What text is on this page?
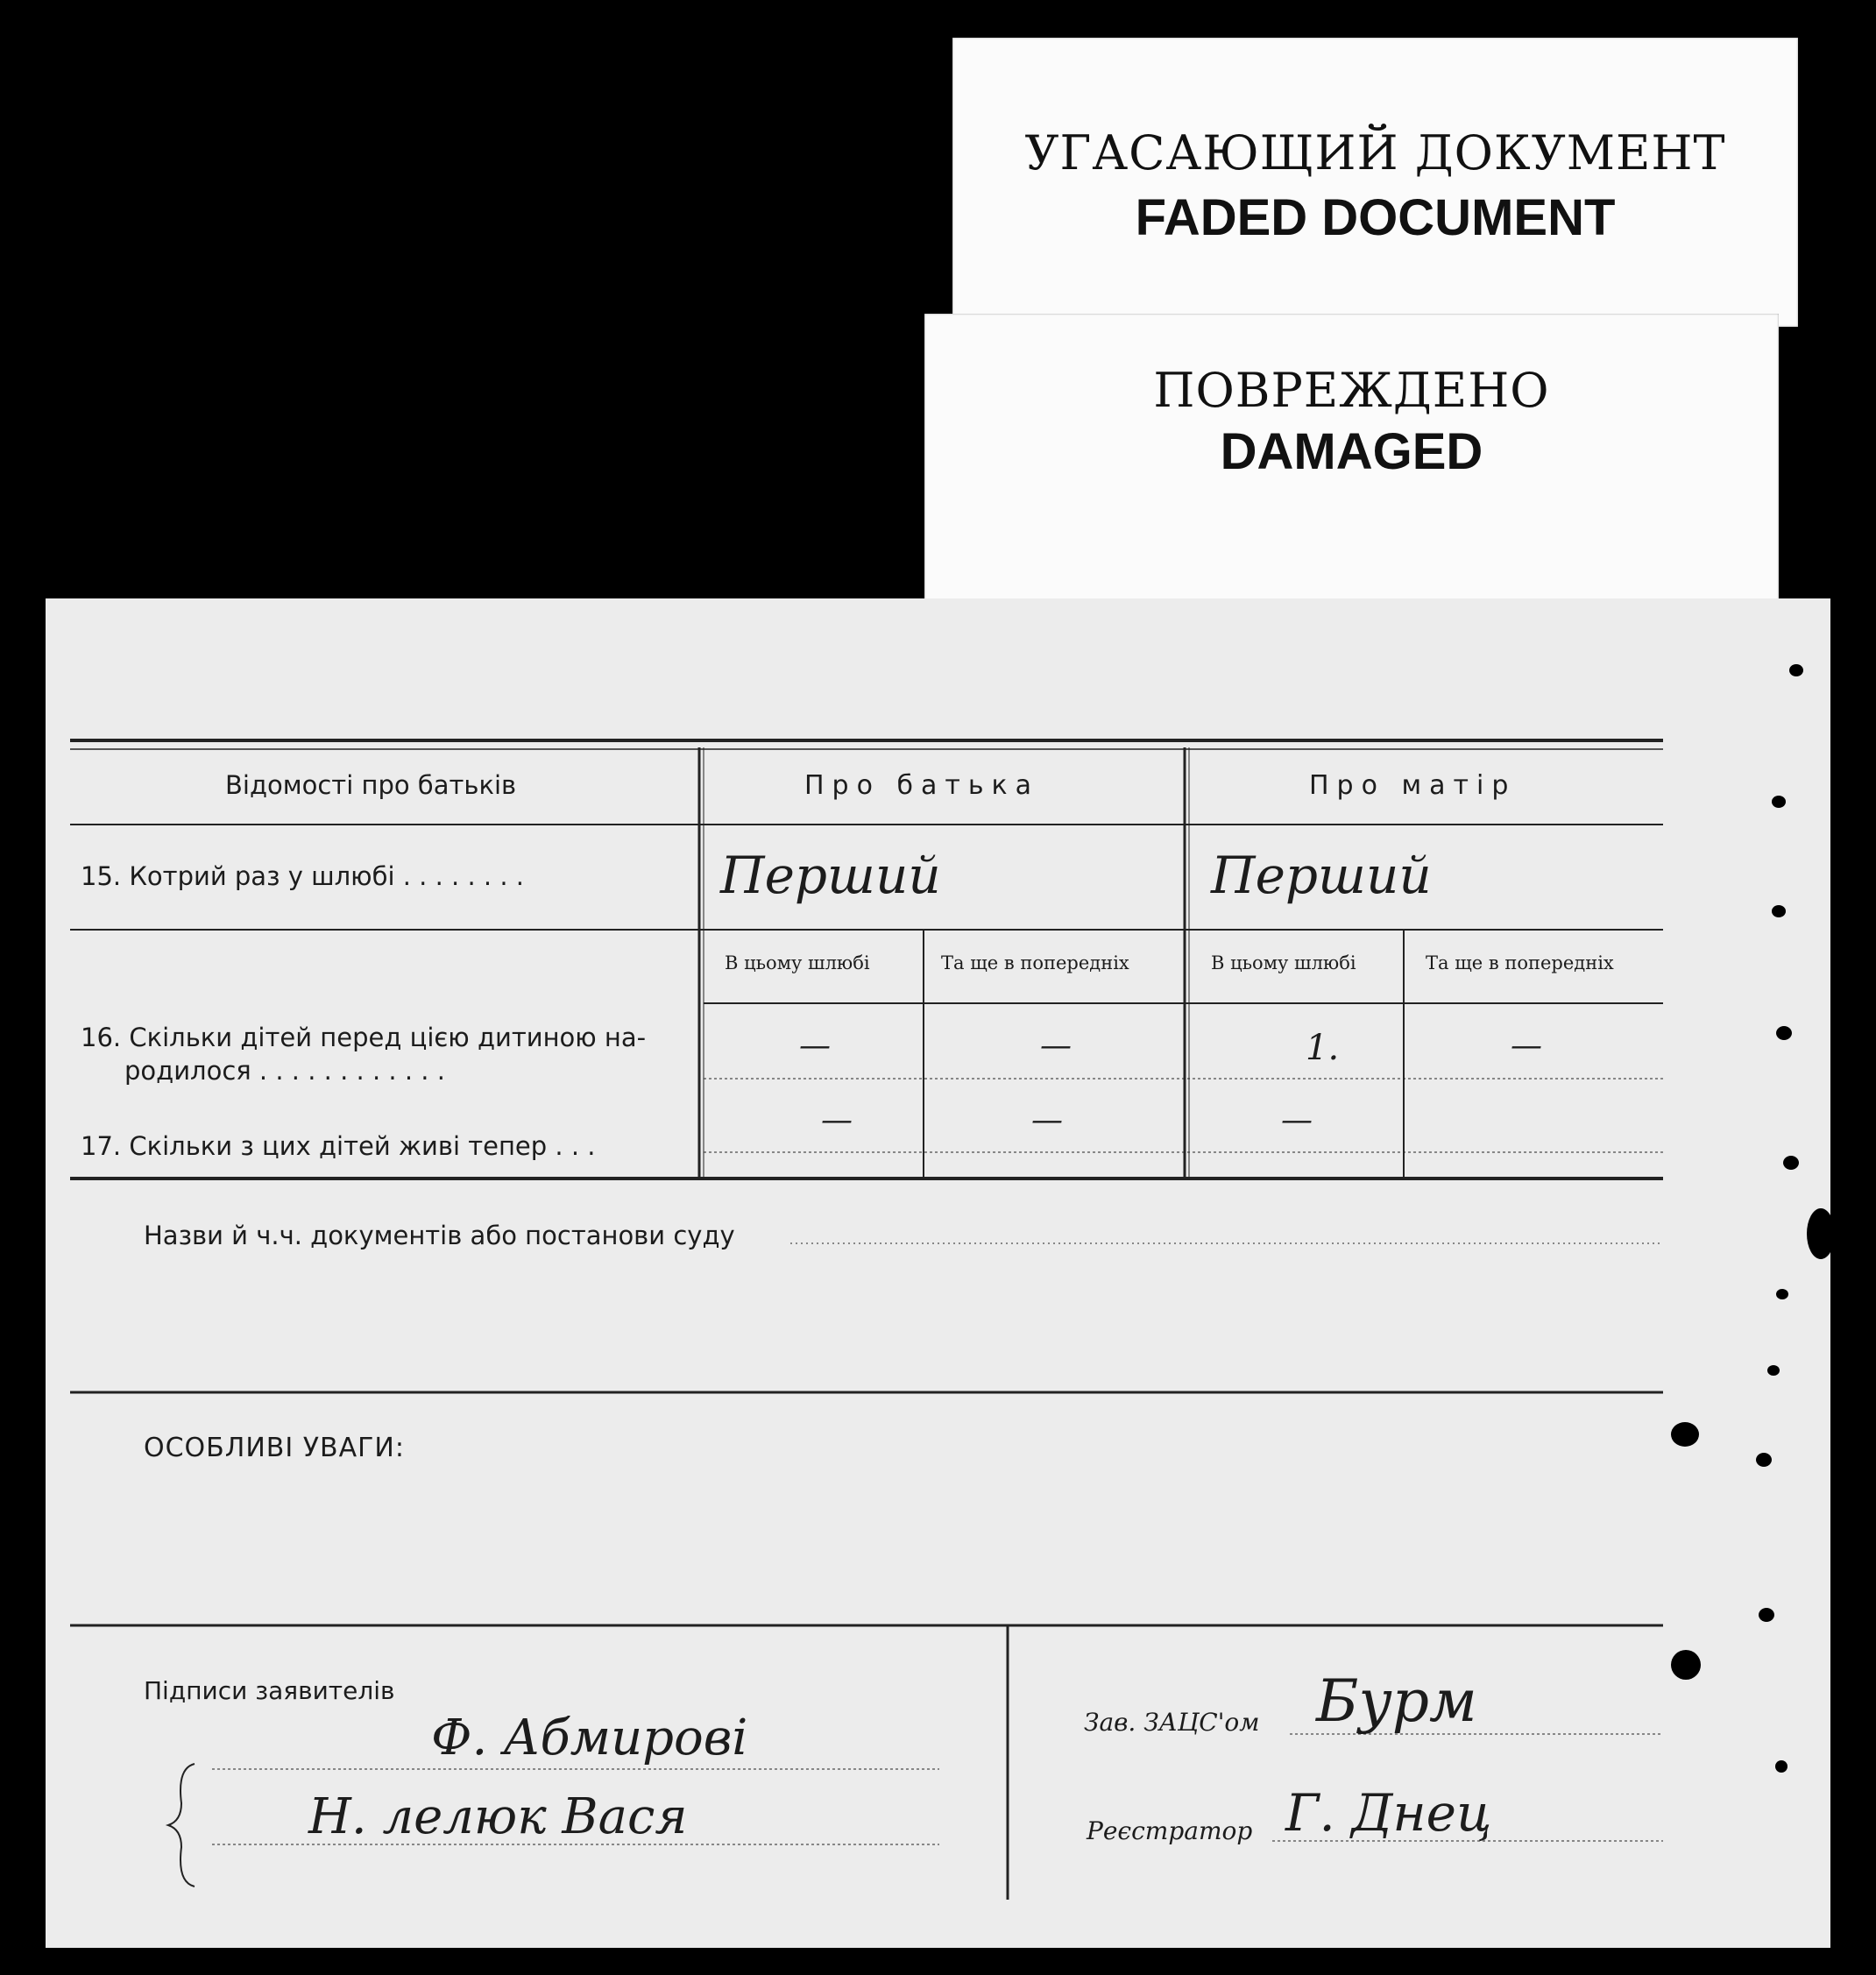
УГАСАЮЩИЙ ДОКУМЕНТ
FADED DOCUMENT
ПОВРЕЖДЕНО
DAMAGED
Відомості про батьків	Про батька	Про матір
15. Котрий раз у шлюбі . . . . . . . .	Перший	Перший
В цьому шлюбі	Та ще в попередніх	В цьому шлюбі	Та ще в попередніх
16. Скільки дітей перед цією дитиною на-
родилося . . . . . . . . . . . .
—	—	1.	—
17. Скільки з цих дітей живі тепер . . .
—	—	—
Назви й ч.ч. документів або постанови суду
ОСОБЛИВІ УВАГИ:
Підписи заявителів
Ф. Абмирові
Н. лелюк Вася
Зав. ЗАЦС'ом Бурм
Реєстратор Г. Днец
